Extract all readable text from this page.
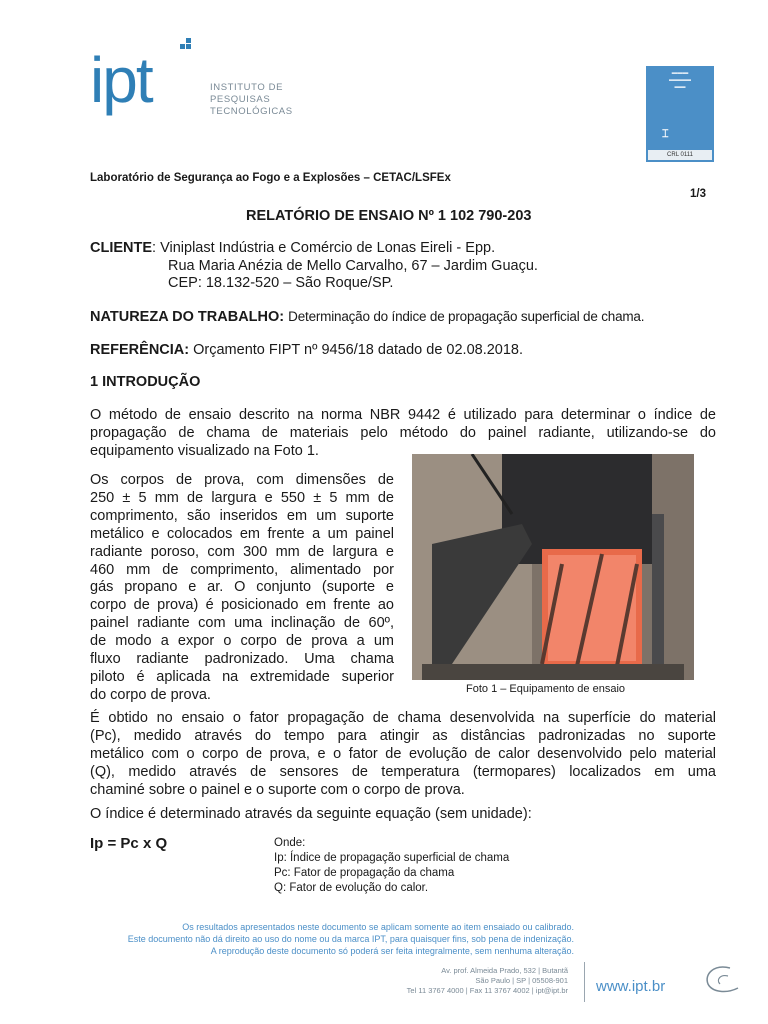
ipt	INSTITUTO DE
PESQUISAS
TECNOLÓGICAS
▬▬▬
▬▬▬▬
▬▬
⌶
CRL 0111
Laboratório de Segurança ao Fogo e a Explosões – CETAC/LSFEx
1/3
RELATÓRIO DE ENSAIO Nº 1 102 790-203
CLIENTE: Viniplast Indústria e Comércio de Lonas Eireli - Epp.
Rua Maria Anézia de Mello Carvalho, 67 – Jardim Guaçu.
CEP: 18.132-520 – São Roque/SP.
NATUREZA DO TRABALHO: Determinação do índice de propagação superficial de chama.
REFERÊNCIA: Orçamento FIPT nº 9456/18 datado de 02.08.2018.
1 INTRODUÇÃO
O método de ensaio descrito na norma NBR 9442 é utilizado para determinar o índice de
propagação de chama de materiais pelo método do painel radiante, utilizando-se do
equipamento visualizado na Foto 1.
Os corpos de prova, com dimensões de
250 ± 5 mm de largura e 550 ± 5 mm de
comprimento, são inseridos em um suporte
metálico e colocados em frente a um painel
radiante poroso, com 300 mm de largura e
460 mm de comprimento, alimentado por
gás propano e ar. O conjunto (suporte e
corpo de prova) é posicionado em frente ao
painel radiante com uma inclinação de 60º,
de modo a expor o corpo de prova a um
fluxo radiante padronizado. Uma chama
piloto é aplicada na extremidade superior
do corpo de prova.	Foto 1 – Equipamento de ensaio
É obtido no ensaio o fator propagação de chama desenvolvida na superfície do material
(Pc), medido através do tempo para atingir as distâncias padronizadas no suporte
metálico com o corpo de prova, e o fator de evolução de calor desenvolvido pelo material
(Q), medido através de sensores de temperatura (termopares) localizados em uma
chaminé sobre o painel e o suporte com o corpo de prova.
O índice é determinado através da seguinte equação (sem unidade):
Ip = Pc x Q	Onde:
Ip: Índice de propagação superficial de chama
Pc: Fator de propagação da chama
Q: Fator de evolução do calor.
Os resultados apresentados neste documento se aplicam somente ao item ensaiado ou calibrado.
Este documento não dá direito ao uso do nome ou da marca IPT, para quaisquer fins, sob pena de indenização.
A reprodução deste documento só poderá ser feita integralmente, sem nenhuma alteração.
Av. prof. Almeida Prado, 532 | Butantã
São Paulo | SP | 05508-901
Tel 11 3767 4000 | Fax 11 3767 4002 | ipt@ipt.br www.ipt.br
